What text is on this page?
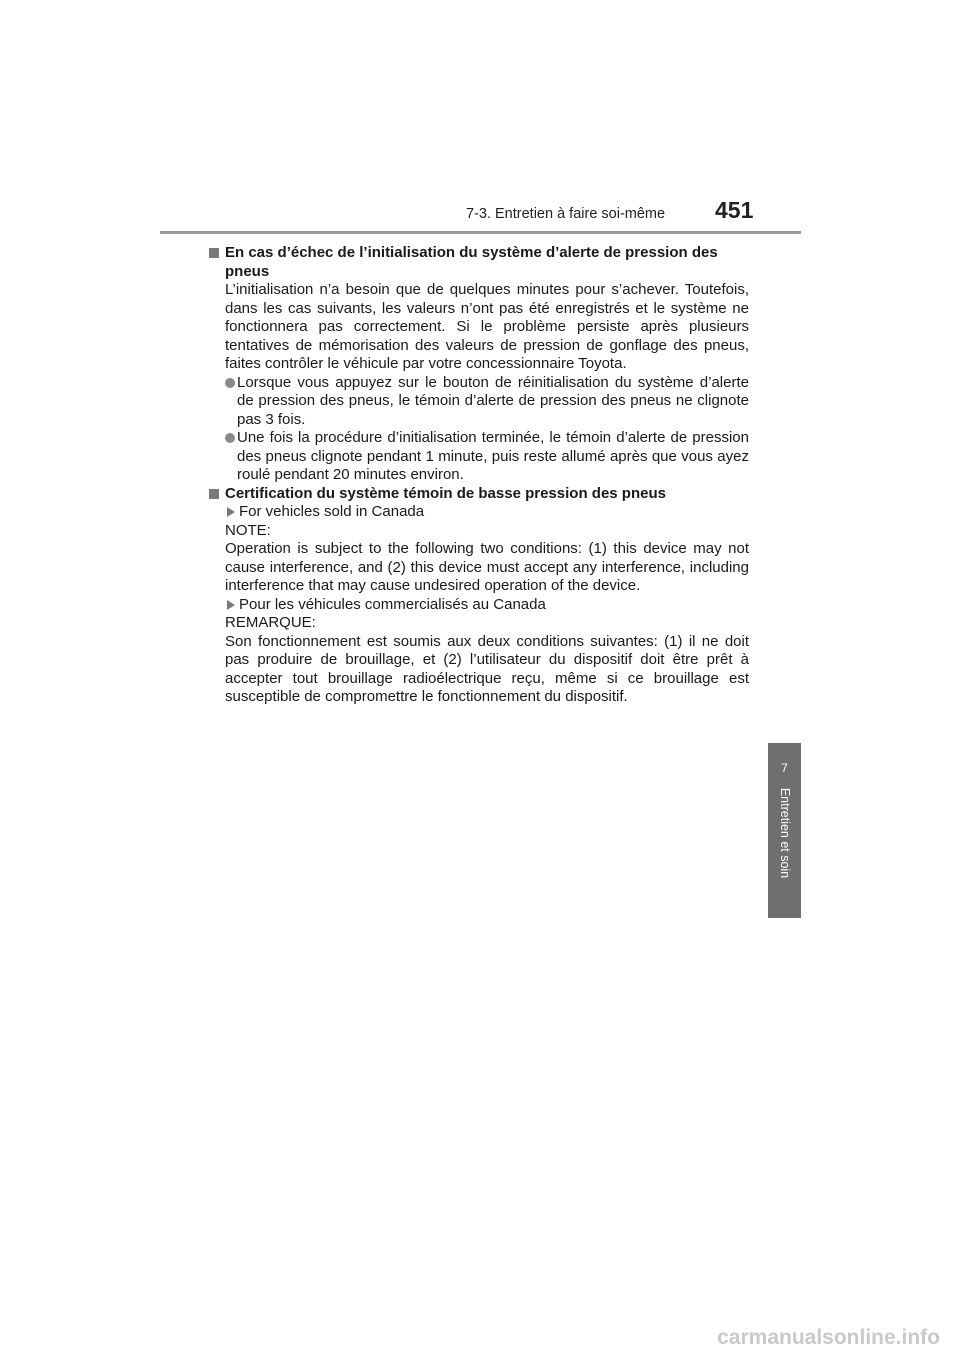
7-3. Entretien à faire soi-même 451
7
Entretien et soin

En cas d’échec de l’initialisation du système d’alerte de pression des pneus

L’initialisation n’a besoin que de quelques minutes pour s’achever. Toutefois, dans les cas suivants, les valeurs n’ont pas été enregistrés et le système ne fonctionnera pas correctement. Si le problème persiste après plusieurs tentatives de mémorisation des valeurs de pression de gonflage des pneus, faites contrôler le véhicule par votre concessionnaire Toyota.

Lorsque vous appuyez sur le bouton de réinitialisation du système d’alerte de pression des pneus, le témoin d’alerte de pression des pneus ne clignote pas 3 fois.

Une fois la procédure d’initialisation terminée, le témoin d’alerte de pression des pneus clignote pendant 1 minute, puis reste allumé après que vous ayez roulé pendant 20 minutes environ.

Certification du système témoin de basse pression des pneus

For vehicles sold in Canada

NOTE:

Operation is subject to the following two conditions: (1) this device may not cause interference, and (2) this device must accept any interference, including interference that may cause undesired operation of the device.

Pour les véhicules commercialisés au Canada

REMARQUE:

Son fonctionnement est soumis aux deux conditions suivantes: (1) il ne doit pas produire de brouillage, et (2) l’utilisateur du dispositif doit être prêt à accepter tout brouillage radioélectrique reçu, même si ce brouillage est susceptible de compromettre le fonctionnement du dispositif.

carmanualsonline.info
